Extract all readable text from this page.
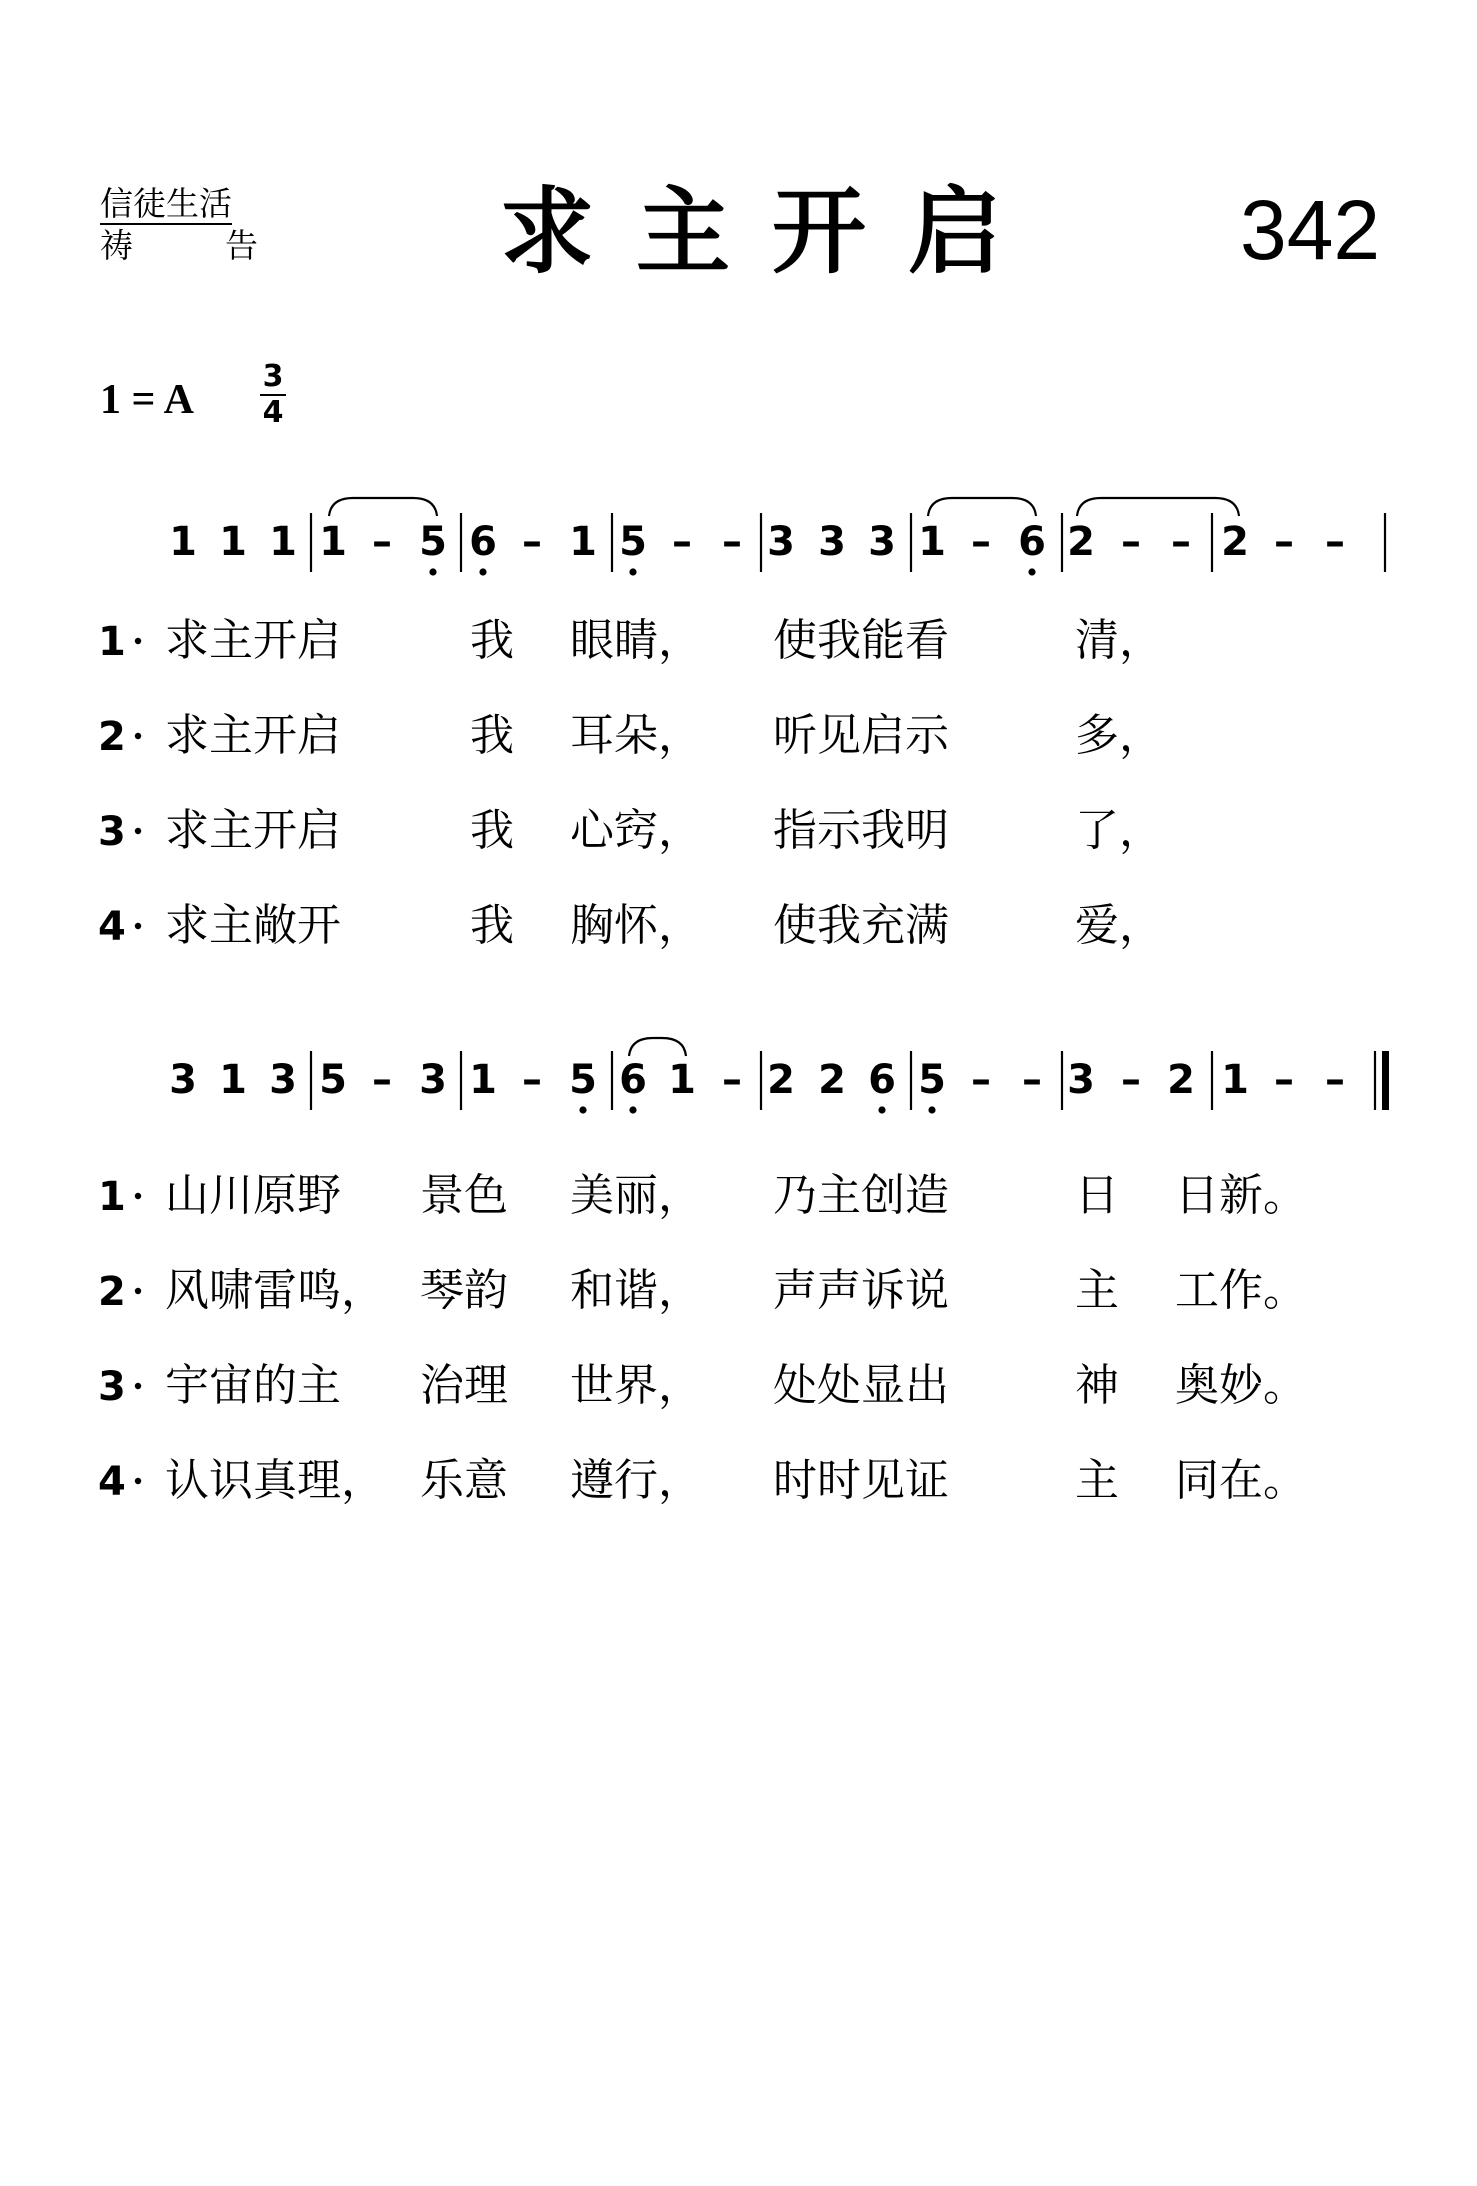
信徒生活
祷	告	求主开启 342
1 = A
3
4
1 1 1 1 – 5 6 – 1 5 – – 3 3 3 1 – 6 2 – – 2 – –
1 求主开启	我 眼睛， 使我能看	清，
2 求主开启	我 耳朵， 听见启示	多，
3 求主开启	我 心窍， 指示我明	了，
4 求主敞开	我 胸怀， 使我充满	爱，
3 1 3 5 – 3 1 – 5 6 1 – 2 2 6 5 – – 3 – 2 1 – –
1 山川原野 景色 美丽， 乃主创造	日 日新。
2 风啸雷鸣， 琴韵 和谐， 声声诉说	主 工作。
3 宇宙的主 治理 世界， 处处显出	神 奥妙。
4 认识真理， 乐意 遵行， 时时见证	主 同在。
